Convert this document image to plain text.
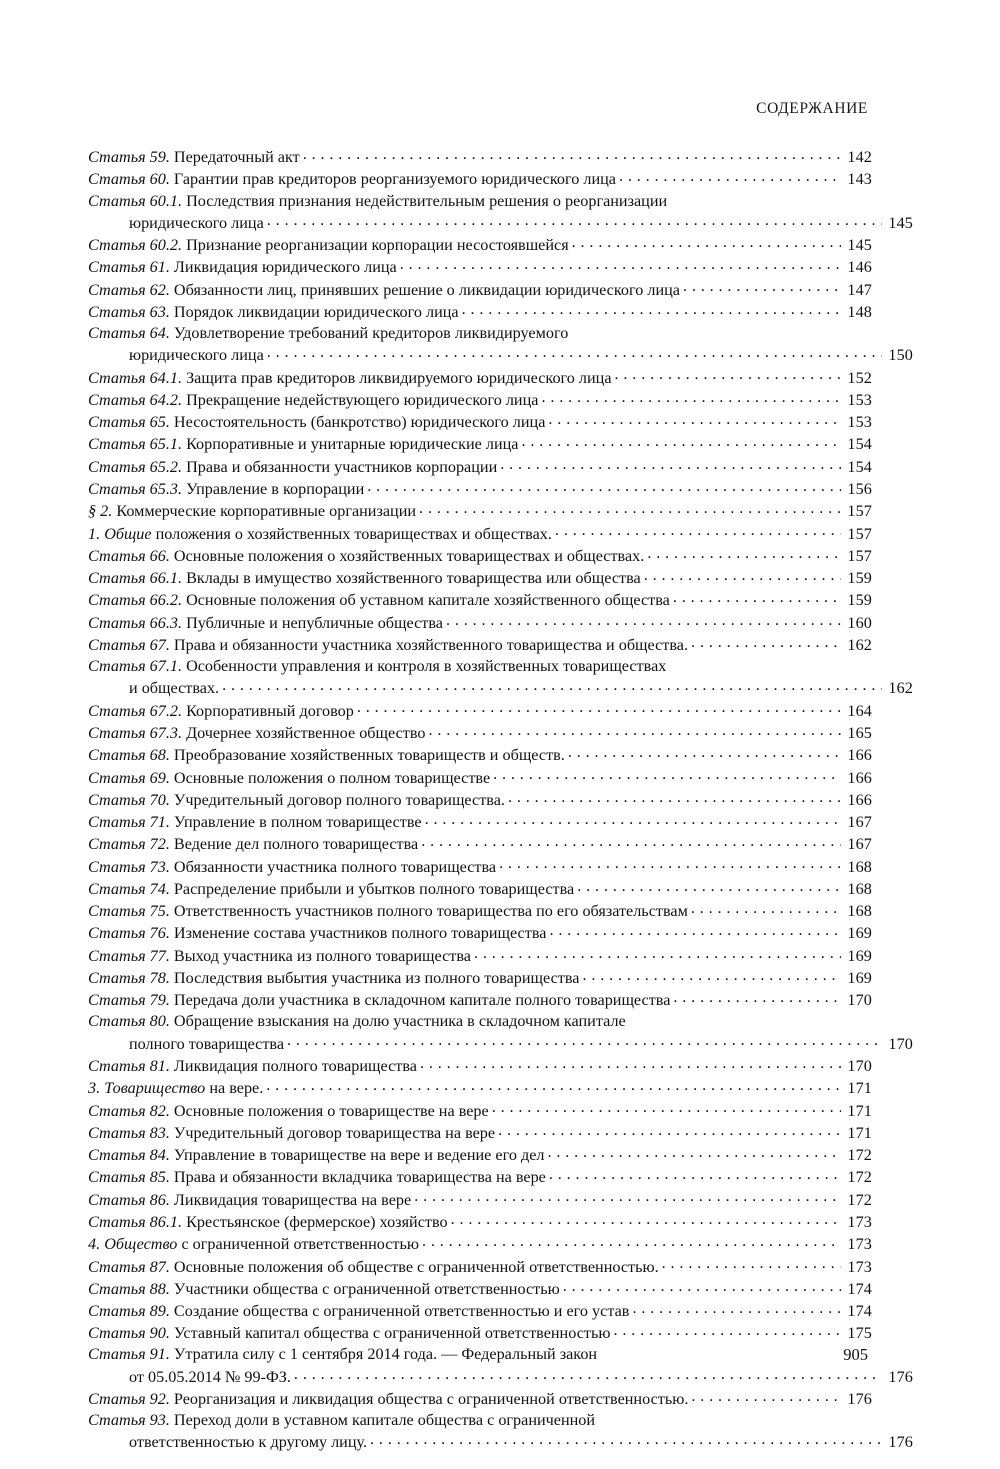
СОДЕРЖАНИЕ
Статья 59. Передаточный акт . . .	142
Статья 60. Гарантии прав кредиторов реорганизуемого юридического лица . . .	143
Статья 60.1. Последствия признания недействительным решения о реорганизации
юридического лица . . .	145
Статья 60.2. Признание реорганизации корпорации несостоявшейся . . .	145
Статья 61. Ликвидация юридического лица . . .	146
Статья 62. Обязанности лиц, принявших решение о ликвидации юридического лица . . .	147
Статья 63. Порядок ликвидации юридического лица . . .	148
Статья 64. Удовлетворение требований кредиторов ликвидируемого
юридического лица . . .	150
Статья 64.1. Защита прав кредиторов ликвидируемого юридического лица . . .	152
Статья 64.2. Прекращение недействующего юридического лица . . .	153
Статья 65. Несостоятельность (банкротство) юридического лица . . .	153
Статья 65.1. Корпоративные и унитарные юридические лица . . .	154
Статья 65.2. Права и обязанности участников корпорации . . .	154
Статья 65.3. Управление в корпорации . . .	156
§ 2. Коммерческие корпоративные организации . . .	157
1. Общие положения о хозяйственных товариществах и обществах. . . .	157
Статья 66. Основные положения о хозяйственных товариществах и обществах. . . .	157
Статья 66.1. Вклады в имущество хозяйственного товарищества или общества . . .	159
Статья 66.2. Основные положения об уставном капитале хозяйственного общества . . .	159
Статья 66.3. Публичные и непубличные общества . . .	160
Статья 67. Права и обязанности участника хозяйственного товарищества и общества. . . .	162
Статья 67.1. Особенности управления и контроля в хозяйственных товариществах
и обществах. . . .	162
Статья 67.2. Корпоративный договор . . .	164
Статья 67.3. Дочернее хозяйственное общество . . .	165
Статья 68. Преобразование хозяйственных товариществ и обществ. . . .	166
Статья 69. Основные положения о полном товариществе . . .	166
Статья 70. Учредительный договор полного товарищества. . . .	166
Статья 71. Управление в полном товариществе . . .	167
Статья 72. Ведение дел полного товарищества . . .	167
Статья 73. Обязанности участника полного товарищества . . .	168
Статья 74. Распределение прибыли и убытков полного товарищества . . .	168
Статья 75. Ответственность участников полного товарищества по его обязательствам . . .	168
Статья 76. Изменение состава участников полного товарищества . . .	169
Статья 77. Выход участника из полного товарищества . . .	169
Статья 78. Последствия выбытия участника из полного товарищества . . .	169
Статья 79. Передача доли участника в складочном капитале полного товарищества . . .	170
Статья 80. Обращение взыскания на долю участника в складочном капитале
полного товарищества . . .	170
Статья 81. Ликвидация полного товарищества . . .	170
3. Товарищество на вере. . . .	171
Статья 82. Основные положения о товариществе на вере . . .	171
Статья 83. Учредительный договор товарищества на вере . . .	171
Статья 84. Управление в товариществе на вере и ведение его дел . . .	172
Статья 85. Права и обязанности вкладчика товарищества на вере . . .	172
Статья 86. Ликвидация товарищества на вере . . .	172
Статья 86.1. Крестьянское (фермерское) хозяйство . . .	173
4. Общество с ограниченной ответственностью . . .	173
Статья 87. Основные положения об обществе с ограниченной ответственностью. . . .	173
Статья 88. Участники общества с ограниченной ответственностью . . .	174
Статья 89. Создание общества с ограниченной ответственностью и его устав . . .	174
Статья 90. Уставный капитал общества с ограниченной ответственностью . . .	175
Статья 91. Утратила силу с 1 сентября 2014 года. — Федеральный закон
от 05.05.2014 № 99-ФЗ. . . .	176
Статья 92. Реорганизация и ликвидация общества с ограниченной ответственностью. . . .	176
Статья 93. Переход доли в уставном капитале общества с ограниченной
ответственностью к другому лицу. . . .	176
905
